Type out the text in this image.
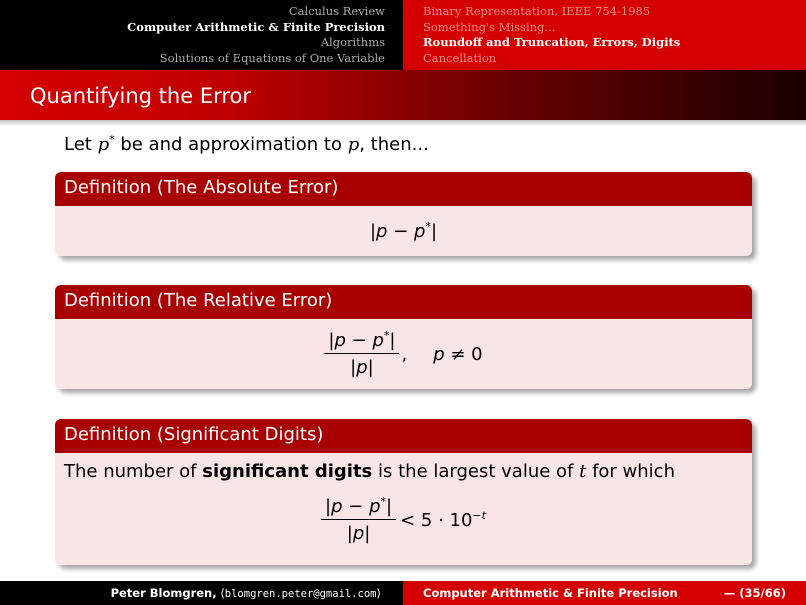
Calculus Review
Computer Arithmetic & Finite Precision
Algorithms
Solutions of Equations of One Variable
Binary Representation, IEEE 754-1985
Something's Missing...
Roundoff and Truncation, Errors, Digits
Cancellation
Quantifying the Error
Let p* be and approximation to p, then...
Definition (The Absolute Error)
|p − p*|
Definition (The Relative Error)
$\frac{|p - p^*|}{|p|}$ , p ≠ 0
Definition (Significant Digits)
The number of significant digits is the largest value of t for which
$\frac{|p - p^*|}{|p|} < 5 \cdot 10^{-t}$
Peter Blomgren, ⟨blomgren.peter@gmail.com⟩	Computer Arithmetic & Finite Precision	— (35/66)
